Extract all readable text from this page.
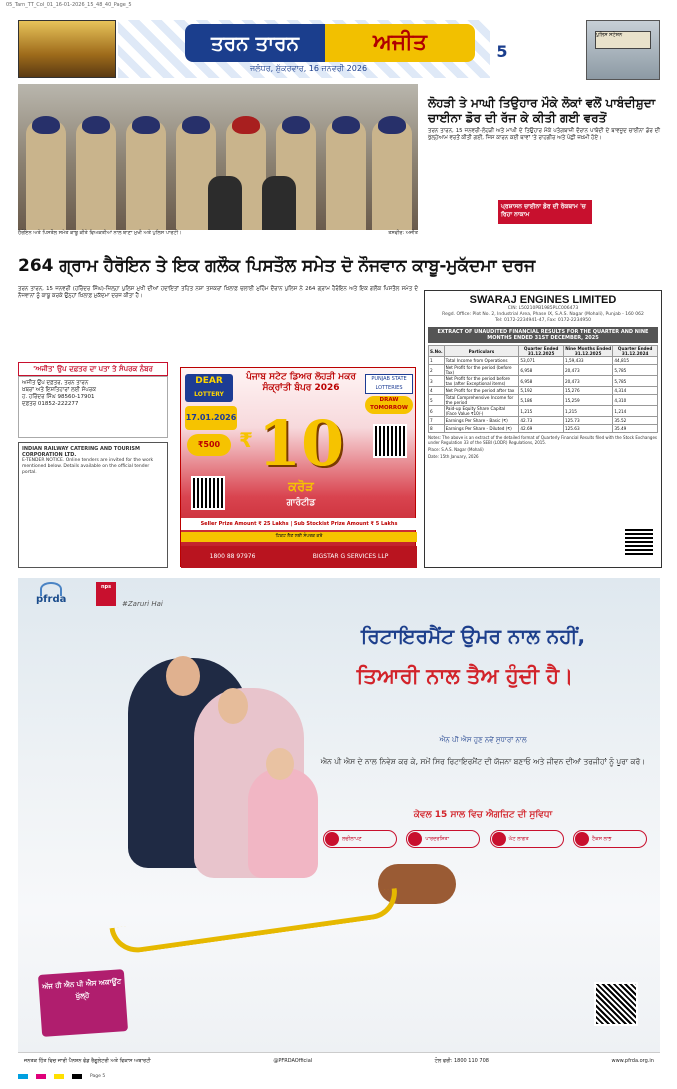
05_Tarn_TT_Col_01_16-01-2026_15_48_40_Page_5
ਤਰਨ ਤਾਰਨ	ਅਜੀਤ
ਜਲੰਧਰ, ਸ਼ੁੱਕਰਵਾਰ, 16 ਜਨਵਰੀ 2026
5
ਪੁਲਿਸ ਸਟੇਸ਼ਨ
ਹੈਰੋਇਨ ਅਤੇ ਪਿਸਤੌਲ ਸਮੇਤ ਕਾਬੂ ਕੀਤੇ ਵਿਅਕਤੀਆਂ ਨਾਲ ਥਾਣਾ ਮੁਖੀ ਅਤੇ ਪੁਲਿਸ ਪਾਰਟੀ।	ਤਸਵੀਰ: ਅਜੀਤ
ਲੋਹੜੀ ਤੇ ਮਾਘੀ ਤਿਉਹਾਰ ਮੌਕੇ ਲੋਕਾਂ ਵਲੋਂ ਪਾਬੰਦੀਸ਼ੁਦਾ ਚਾਈਨਾ ਡੋਰ ਦੀ ਰੱਜ ਕੇ ਕੀਤੀ ਗਈ ਵਰਤੋਂ
ਤਰਨ ਤਾਰਨ, 15 ਜਨਵਰੀ-ਲੋਹੜੀ ਅਤੇ ਮਾਘੀ ਦੇ ਤਿਉਹਾਰ ਮੌਕੇ ਪਤੰਗਬਾਜ਼ੀ ਦੌਰਾਨ ਪਾਬੰਦੀ ਦੇ ਬਾਵਜੂਦ ਚਾਈਨਾ ਡੋਰ ਦੀ ਖੁੱਲ੍ਹੇਆਮ ਵਰਤੋਂ ਕੀਤੀ ਗਈ, ਜਿਸ ਕਾਰਨ ਕਈ ਥਾਵਾਂ 'ਤੇ ਰਾਹਗੀਰ ਅਤੇ ਪੰਛੀ ਜ਼ਖ਼ਮੀ ਹੋਏ।
ਪ੍ਰਸ਼ਾਸਨ ਚਾਈਨਾ ਡੋਰ ਦੀ ਰੋਕਥਾਮ 'ਚ ਰਿਹਾ ਨਾਕਾਮ
264 ਗ੍ਰਾਮ ਹੈਰੋਇਨ ਤੇ ਇਕ ਗਲੌਕ ਪਿਸਤੌਲ ਸਮੇਤ ਦੋ ਨੌਜਵਾਨ ਕਾਬੂ-ਮੁਕੱਦਮਾ ਦਰਜ
ਤਰਨ ਤਾਰਨ, 15 ਜਨਵਰੀ (ਹਰਿੰਦਰ ਸਿੰਘ)-ਜ਼ਿਲ੍ਹਾ ਪੁਲਿਸ ਮੁਖੀ ਦੀਆਂ ਹਦਾਇਤਾਂ ਤਹਿਤ ਨਸ਼ਾ ਤਸਕਰਾਂ ਖ਼ਿਲਾਫ਼ ਚਲਾਈ ਮੁਹਿੰਮ ਦੌਰਾਨ ਪੁਲਿਸ ਨੇ 264 ਗ੍ਰਾਮ ਹੈਰੋਇਨ ਅਤੇ ਇਕ ਗਲੌਕ ਪਿਸਤੌਲ ਸਮੇਤ ਦੋ ਨੌਜਵਾਨਾਂ ਨੂੰ ਕਾਬੂ ਕਰਕੇ ਉਨ੍ਹਾਂ ਖ਼ਿਲਾਫ਼ ਮੁਕੱਦਮਾ ਦਰਜ ਕੀਤਾ ਹੈ।
'ਅਜੀਤ' ਉਪ ਦਫ਼ਤਰ ਦਾ ਪਤਾ ਤੇ ਸੰਪਰਕ ਨੰਬਰ
ਅਜੀਤ ਉਪ ਦਫ਼ਤਰ, ਤਰਨ ਤਾਰਨ
ਖ਼ਬਰਾਂ ਅਤੇ ਇਸ਼ਤਿਹਾਰਾਂ ਲਈ ਸੰਪਰਕ
ਹ. ਹਰਿੰਦਰ ਸਿੰਘ 98560-17901
ਦਫ਼ਤਰ 01852-222277
INDIAN RAILWAY CATERING AND TOURISM CORPORATION LTD.
E-TENDER NOTICE. Online tenders are invited for the work mentioned below. Details available on the official tender portal.
DEAR
LOTTERY
ਪੰਜਾਬ ਸਟੇਟ ਡਿਅਰ ਲੋਹੜੀ ਮਕਰ ਸੰਕ੍ਰਾਂਤੀ ਬੰਪਰ 2026
PUNJAB STATE LOTTERIES
DRAW TOMORROW
17.01.2026
₹500 ₹ 10
ਕਰੋੜ
ਗਾਰੰਟੀਡ
Seller Prize Amount ₹ 25 Lakhs | Sub Stockist Prize Amount ₹ 5 Lakhs
ਟਿਕਟ ਲੈਣ ਲਈ ਸੰਪਰਕ ਕਰੋ
1800 88 97976	BIGSTAR G SERVICES LLP
SWARAJ ENGINES LIMITED
CIN: L50210PB1985PLC006473
Regd. Office: Plot No. 2, Industrial Area, Phase IX, S.A.S. Nagar (Mohali), Punjab - 160 062
Tel: 0172-2234941-47, Fax: 0172-2234950
EXTRACT OF UNAUDITED FINANCIAL RESULTS FOR THE QUARTER AND NINE MONTHS ENDED 31ST DECEMBER, 2025
S.No.	Particulars	Quarter Ended 31.12.2025	Nine Months Ended 31.12.2025	Quarter Ended 31.12.2024
1	Total Income from Operations	53,071	1,59,433	44,815
2	Net Profit for the period (before Tax)	6,958	20,473	5,785
3	Net Profit for the period before tax (after Exceptional items)	6,958	20,473	5,785
4	Net Profit for the period after tax	5,192	15,276	4,314
5	Total Comprehensive Income for the period	5,186	15,259	4,310
6	Paid-up Equity Share Capital (Face Value ₹10/-)	1,215	1,215	1,214
7	Earnings Per Share - Basic (₹)	42.73	125.73	35.52
8	Earnings Per Share - Diluted (₹)	42.69	125.63	35.49
Notes: The above is an extract of the detailed format of Quarterly Financial Results filed with the Stock Exchanges under Regulation 33 of the SEBI (LODR) Regulations, 2015.
Place: S.A.S. Nagar (Mohali)
Date: 15th January, 2026
pfrda
nps
#Zaruri Hai
ਰਿਟਾਇਰਮੈਂਟ ਉਮਰ ਨਾਲ ਨਹੀਂ,
ਤਿਆਰੀ ਨਾਲ ਤੈਅ ਹੁੰਦੀ ਹੈ।
ਐਨ ਪੀ ਐਸ ਹੁਣ ਨਵੇਂ ਸੁਧਾਰਾਂ ਨਾਲ
ਐਨ ਪੀ ਐਸ ਦੇ ਨਾਲ ਨਿਵੇਸ਼ ਕਰ ਕੇ, ਸਮੇਂ ਸਿਰ ਰਿਟਾਇਰਮੈਂਟ ਦੀ ਯੋਜਨਾ ਬਣਾਓ ਅਤੇ ਜੀਵਨ ਦੀਆਂ ਤਰਜੀਹਾਂ ਨੂੰ ਪੂਰਾ ਕਰੋ।
ਕੇਵਲ 15 ਸਾਲ ਵਿਚ ਐਗਜ਼ਿਟ ਦੀ ਸੁਵਿਧਾ
ਲਚੀਲਾਪਣ	ਪਾਰਦਰਸ਼ਿਤਾ	ਘੱਟ ਲਾਗਤ	ਟੈਕਸ ਲਾਭ
ਅੱਜ ਹੀ ਐਨ ਪੀ ਐਸ ਅਕਾਊਂਟ ਖੁੱਲ੍ਹੋ
ਜਨਤਕ ਹਿੱਤ ਵਿਚ ਜਾਰੀ ਪੈਨਸ਼ਨ ਫੰਡ ਰੈਗੂਲੇਟਰੀ ਅਤੇ ਵਿਕਾਸ ਅਥਾਰਟੀ	@PFRDAOfficial	ਟੋਲ ਫਰੀ: 1800 110 708	www.pfrda.org.in
Page 5
